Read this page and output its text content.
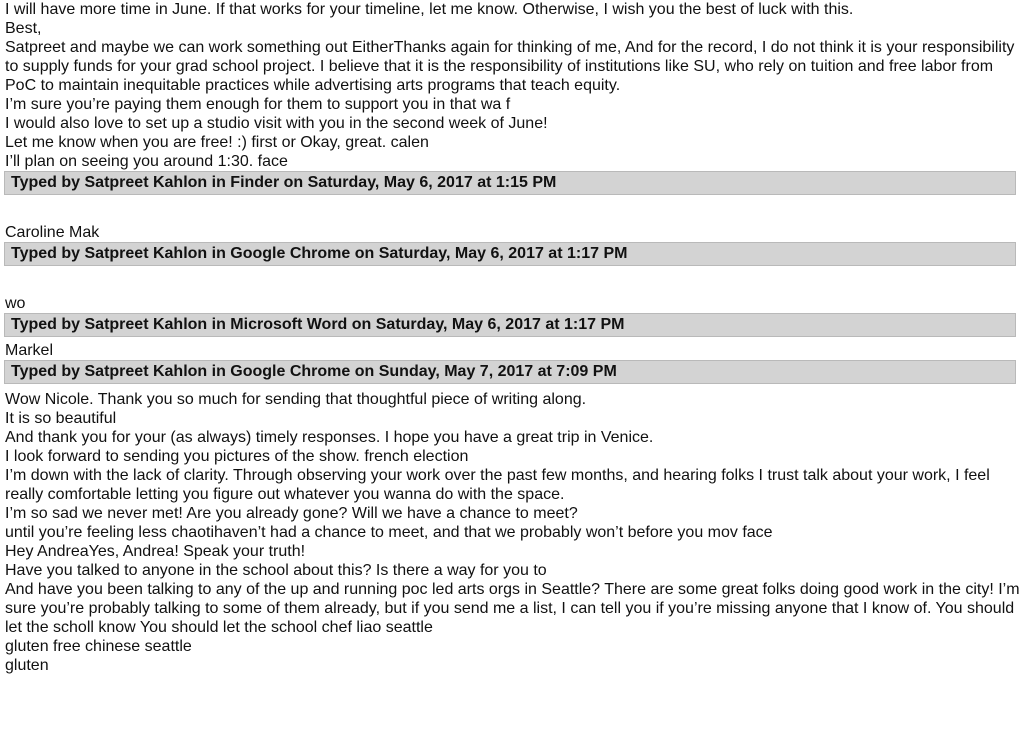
I will have more time in June. If that works for your timeline, let me know. Otherwise, I wish you the best of luck with this.
Best,
Satpreet and maybe we can work something out EitherThanks again for thinking of me, And for the record, I do not think it is your responsibility to supply funds for your grad school project. I believe that it is the responsibility of institutions like SU, who rely on tuition and free labor from PoC to maintain inequitable practices while advertising arts programs that teach equity.
I’m sure you’re paying them enough for them to support you in that wa f
I would also love to set up a studio visit with you in the second week of June!
Let me know when you are free! :) first or Okay, great. calen
I’ll plan on seeing you around 1:30. face
Typed by Satpreet Kahlon in Finder on Saturday, May 6, 2017 at 1:15 PM
Caroline Mak
Typed by Satpreet Kahlon in Google Chrome on Saturday, May 6, 2017 at 1:17 PM
wo
Typed by Satpreet Kahlon in Microsoft Word on Saturday, May 6, 2017 at 1:17 PM
Markel
Typed by Satpreet Kahlon in Google Chrome on Sunday, May 7, 2017 at 7:09 PM
Wow Nicole. Thank you so much for sending that thoughtful piece of writing along.
It is so beautiful
And thank you for your (as always) timely responses. I hope you have a great trip in Venice.
I look forward to sending you pictures of the show. french election
I’m down with the lack of clarity. Through observing your work over the past few months, and hearing folks I trust talk about your work, I feel really comfortable letting you figure out whatever you wanna do with the space.
I’m so sad we never met! Are you already gone? Will we have a chance to meet?
until you’re feeling less chaotihaven’t had a chance to meet, and that we probably won’t before you mov face
Hey AndreaYes, Andrea! Speak your truth!
Have you talked to anyone in the school about this? Is there a way for you to
And have you been talking to any of the up and running poc led arts orgs in Seattle? There are some great folks doing good work in the city! I’m sure you’re probably talking to some of them already, but if you send me a list, I can tell you if you’re missing anyone that I know of. You should let the scholl know You should let the school chef liao seattle
gluten free chinese seattle
gluten
